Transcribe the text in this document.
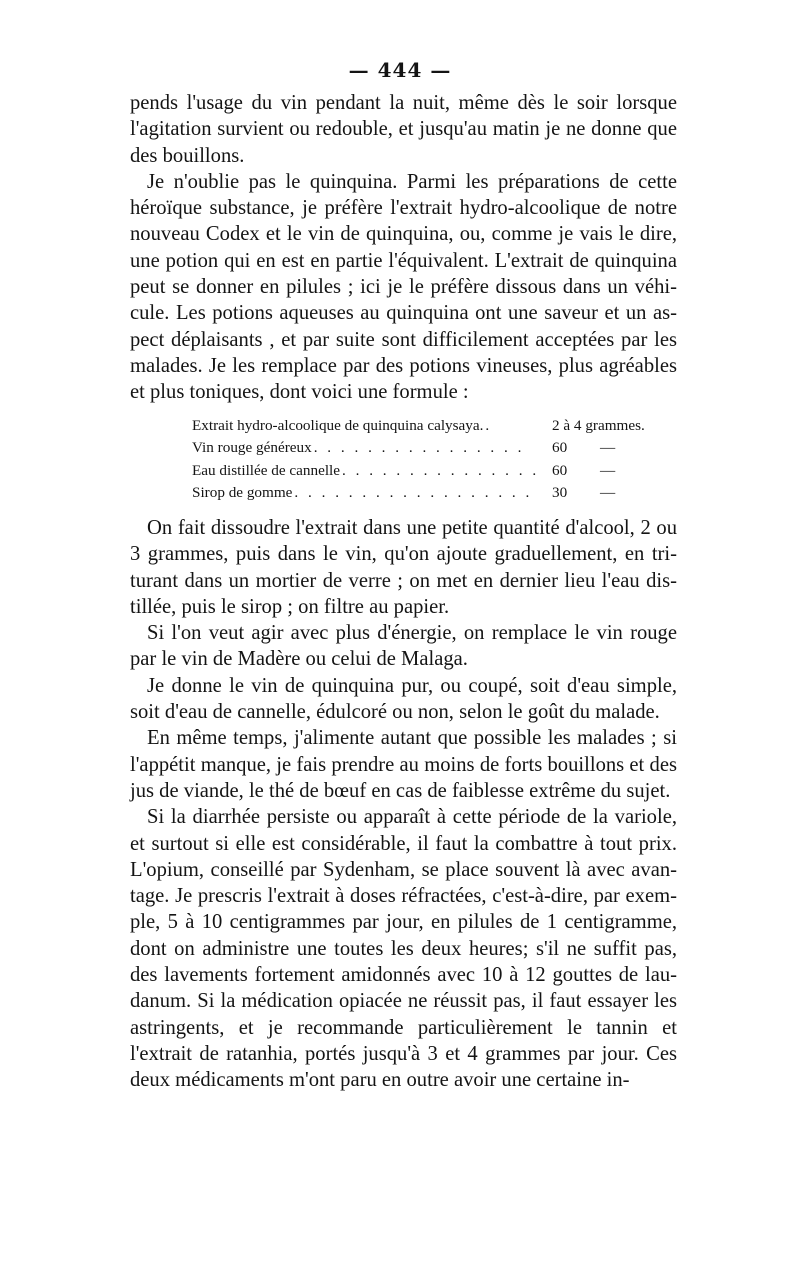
— 444 —

pends l'usage du vin pendant la nuit, même dès le soir lorsque l'agitation survient ou redouble, et jusqu'au matin je ne donne que des bouillons.

Je n'oublie pas le quinquina. Parmi les préparations de cette héroïque substance, je préfère l'extrait hydro-alcoolique de notre nouveau Codex et le vin de quinquina, ou, comme je vais le dire, une potion qui en est en partie l'équivalent. L'extrait de quinquina peut se donner en pilules ; ici je le préfère dissous dans un véhi-cule. Les potions aqueuses au quinquina ont une saveur et un as-pect déplaisants , et par suite sont difficilement acceptées par les malades. Je les remplace par des potions vineuses, plus agréables et plus toniques, dont voici une formule :

Extrait hydro-alcoolique de quinquina calysaya. .	2 à 4 grammes.
Vin rouge généreux . . . . . . . . . . . . . . . .	60 —
Eau distillée de cannelle . . . . . . . . . . . . . . . 60 —
Sirop de gomme . . . . . . . . . . . . . . . . . .	30 —

On fait dissoudre l'extrait dans une petite quantité d'alcool, 2 ou 3 grammes, puis dans le vin, qu'on ajoute graduellement, en tri-turant dans un mortier de verre ; on met en dernier lieu l'eau dis-tillée, puis le sirop ; on filtre au papier.

Si l'on veut agir avec plus d'énergie, on remplace le vin rouge par le vin de Madère ou celui de Malaga.

Je donne le vin de quinquina pur, ou coupé, soit d'eau simple, soit d'eau de cannelle, édulcoré ou non, selon le goût du malade.

En même temps, j'alimente autant que possible les malades ; si l'appétit manque, je fais prendre au moins de forts bouillons et des jus de viande, le thé de bœuf en cas de faiblesse extrême du sujet.

Si la diarrhée persiste ou apparaît à cette période de la variole, et surtout si elle est considérable, il faut la combattre à tout prix. L'opium, conseillé par Sydenham, se place souvent là avec avan-tage. Je prescris l'extrait à doses réfractées, c'est-à-dire, par exem-ple, 5 à 10 centigrammes par jour, en pilules de 1 centigramme, dont on administre une toutes les deux heures; s'il ne suffit pas, des lavements fortement amidonnés avec 10 à 12 gouttes de lau-danum. Si la médication opiacée ne réussit pas, il faut essayer les astringents, et je recommande particulièrement le tannin et l'extrait de ratanhia, portés jusqu'à 3 et 4 grammes par jour. Ces deux médicaments m'ont paru en outre avoir une certaine in-
